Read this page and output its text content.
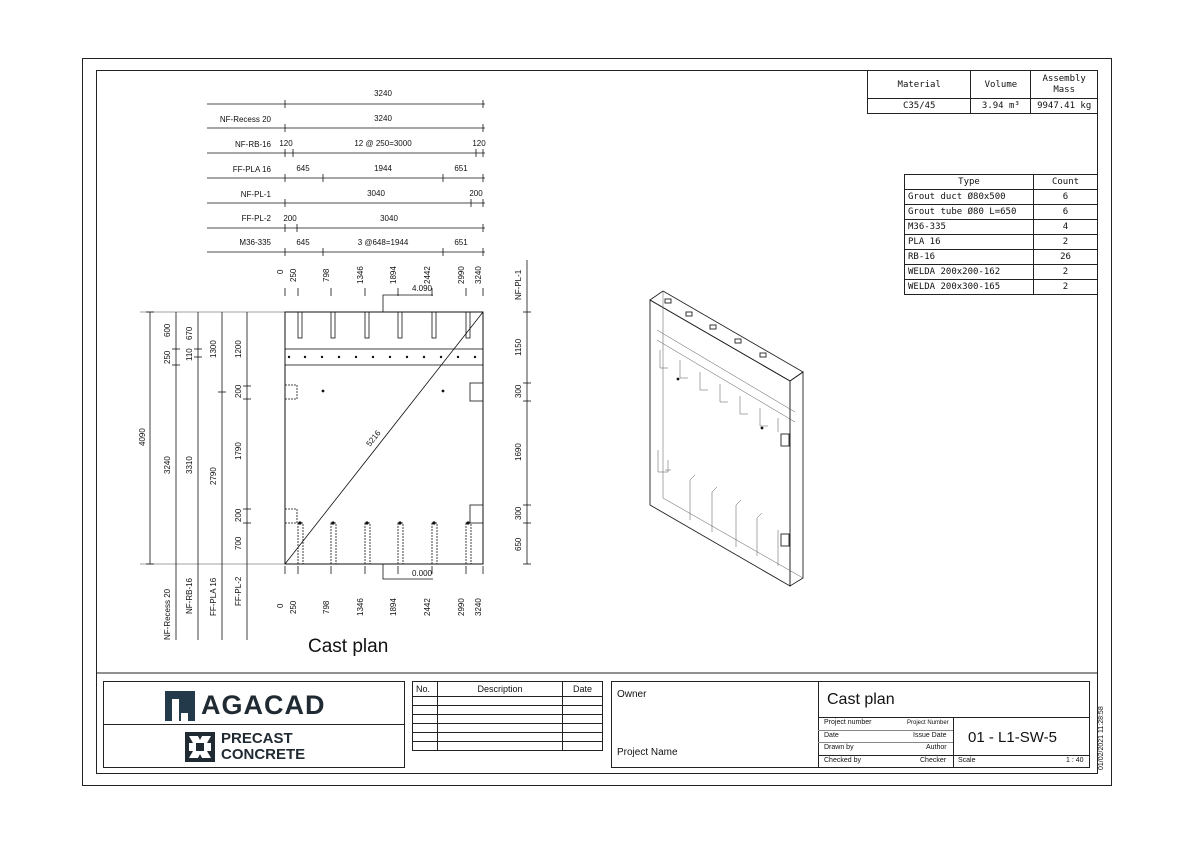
Material	Volume	Assembly Mass
C35/45	3.94 m³	9947.41 kg
Type	Count
Grout duct Ø80x500	6
Grout tube Ø80 L=650	6
M36-335	4
PLA 16	2
RB-16	26
WELDA 200x200-162	2
WELDA 200x300-165	2
3240
NF-Recess 20	3240
NF-RB-16 120	12 @ 250=3000	120
FF-PLA 16	645	1944	651
NF-PL-1	3040	200
FF-PL-2 200	3040
M36-335	645	3 @648=1944	651
0 250	798	1346	1894	2442	2990 3240
4.090
0.000
5216
4090
3240
250
600
3310
110
670
2790
1300 1200
200
1790
200
700
NF-Recess 20 NF-RB-16 FF-PLA 16 FF-PL-2
NF-PL-1
1150
300
1690
300
650
0 250	798	1346	1894	2442	2990 3240
Cast plan
AGACAD
PRECAST
CONCRETE
No.	Description	Date

			Owner
Project Name
Cast plan
Project number	Project Number
Date	Issue Date
Drawn by	Author
Checked by	Checker
01 - L1-SW-5
Scale	1 : 40 01/02/2021 11:28:58
